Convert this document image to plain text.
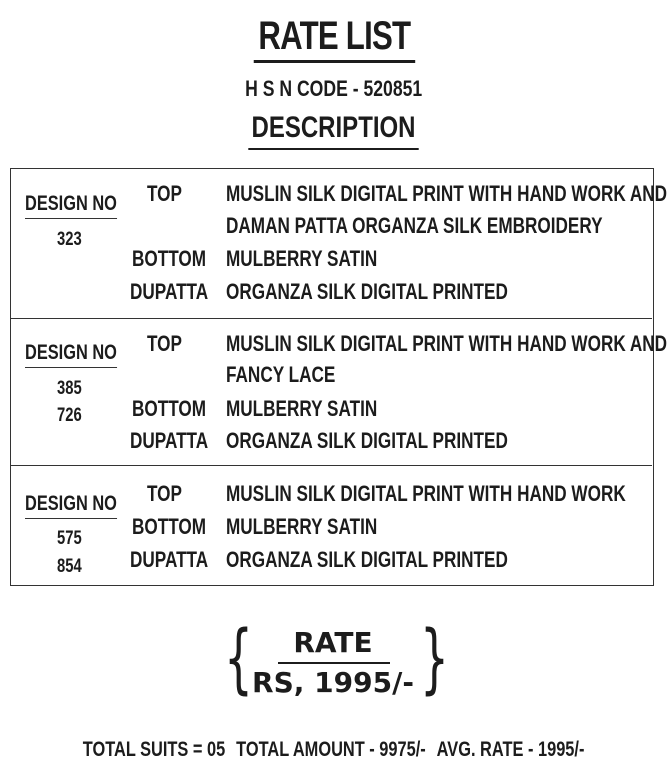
RATE LIST
H S N CODE - 520851
DESCRIPTION
DESIGN NO
323
TOP MUSLIN SILK DIGITAL PRINT WITH HAND WORK AND
DAMAN PATTA ORGANZA SILK EMBROIDERY
BOTTOM MULBERRY SATIN
DUPATTA ORGANZA SILK DIGITAL PRINTED
DESIGN NO
385
726
TOP MUSLIN SILK DIGITAL PRINT WITH HAND WORK AND
FANCY LACE
BOTTOM MULBERRY SATIN
DUPATTA ORGANZA SILK DIGITAL PRINTED
DESIGN NO
575
854
TOP MUSLIN SILK DIGITAL PRINT WITH HAND WORK
BOTTOM MULBERRY SATIN
DUPATTA ORGANZA SILK DIGITAL PRINTED
{ }
RATE
RS, 1995/-
TOTAL SUITS = 05 TOTAL AMOUNT - 9975/- AVG. RATE - 1995/-
